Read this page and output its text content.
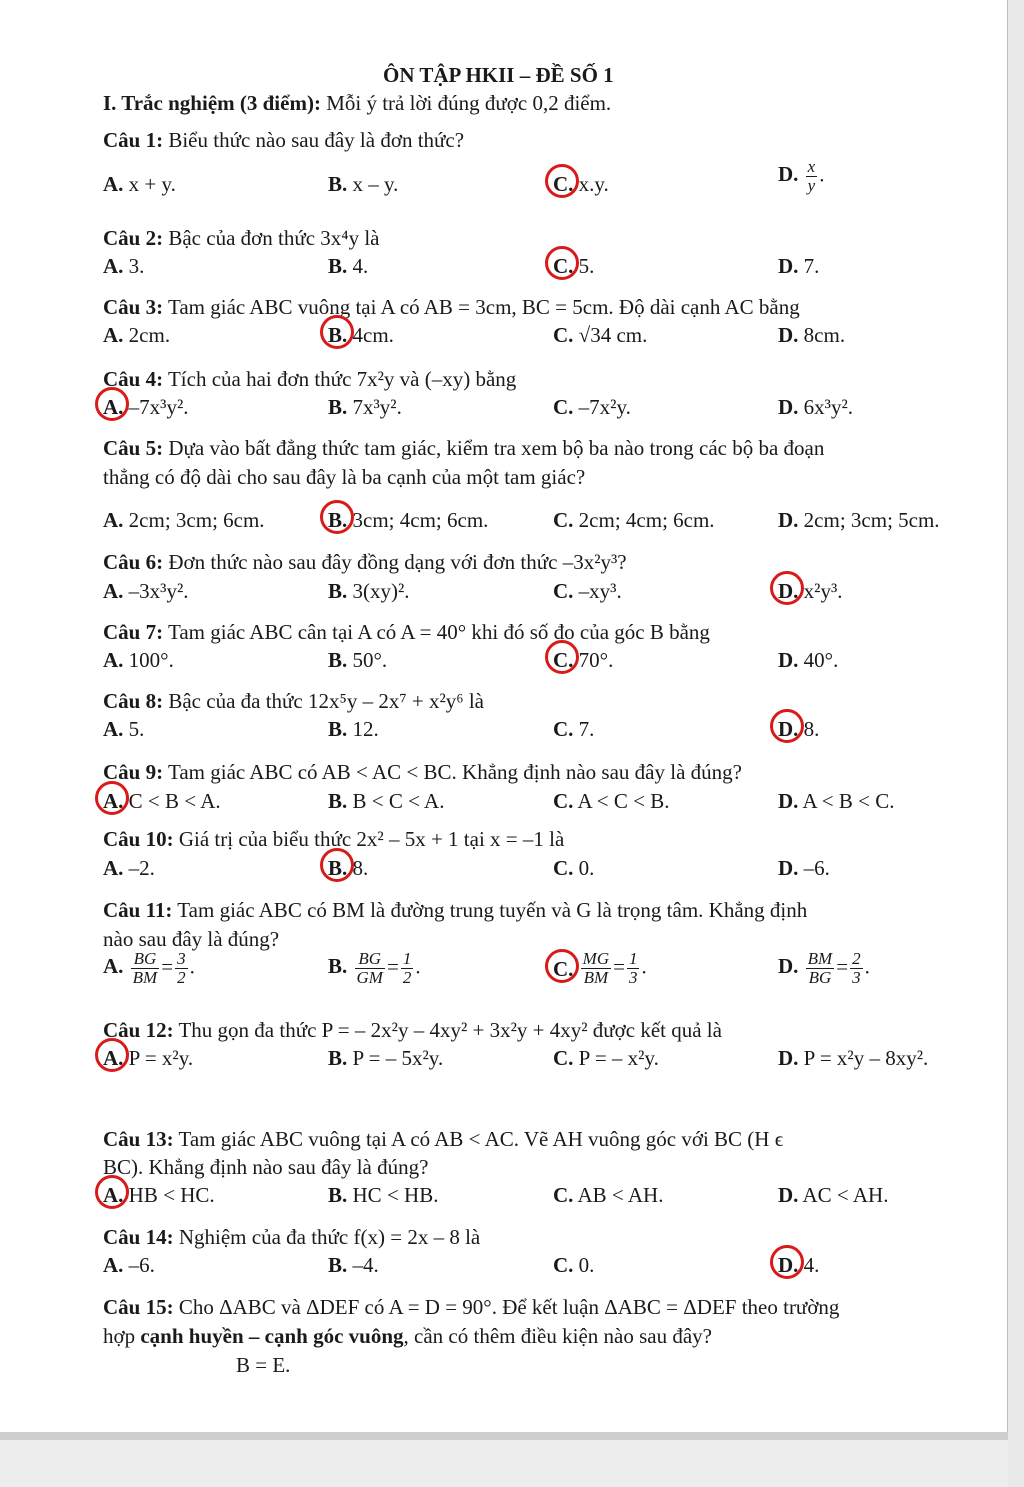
ÔN TẬP HKII – ĐỀ SỐ 1
I. Trắc nghiệm (3 điểm): Mỗi ý trả lời đúng được 0,2 điểm.
Câu 1: Biểu thức nào sau đây là đơn thức?
A. x + y.	B. x – y.	C. x.y.	D. $\frac{x}{y}$ .
Câu 2: Bậc của đơn thức 3x⁴y là
A. 3.	B. 4.	C. 5.	D. 7.
Câu 3: Tam giác ABC vuông tại A có AB = 3cm, BC = 5cm. Độ dài cạnh AC bằng
A. 2cm.	B. 4cm.	C. √34 cm.	D. 8cm.
Câu 4: Tích của hai đơn thức 7x²y và (–xy) bằng
A. –7x³y².	B. 7x³y².	C. –7x²y.	D. 6x³y².
Câu 5: Dựa vào bất đẳng thức tam giác, kiểm tra xem bộ ba nào trong các bộ ba đoạn
thẳng có độ dài cho sau đây là ba cạnh của một tam giác?
A. 2cm; 3cm; 6cm.	B. 3cm; 4cm; 6cm.	C. 2cm; 4cm; 6cm.	D. 2cm; 3cm; 5cm.
Câu 6: Đơn thức nào sau đây đồng dạng với đơn thức –3x²y³?
A. –3x³y².	B. 3(xy)².	C. –xy³.	D. x²y³.
Câu 7: Tam giác ABC cân tại A có A = 40° khi đó số đo của góc B bằng
A. 100°.	B. 50°.	C. 70°.	D. 40°.
Câu 8: Bậc của đa thức 12x⁵y – 2x⁷ + x²y⁶ là
A. 5.	B. 12.	C. 7.	D. 8.
Câu 9: Tam giác ABC có AB < AC < BC. Khẳng định nào sau đây là đúng?
A. C < B < A.	B. B < C < A.	C. A < C < B.	D. A < B < C.
Câu 10: Giá trị của biểu thức 2x² – 5x + 1 tại x = –1 là
A. –2.	B. 8.	C. 0.	D. –6.
Câu 11: Tam giác ABC có BM là đường trung tuyến và G là trọng tâm. Khẳng định
nào sau đây là đúng?
A. $\frac{BG}{BM} = \frac{3}{2}$ .	B. $\frac{BG}{GM} = \frac{1}{2}$ .	C. $\frac{MG}{BM} = \frac{1}{3}$ .	D. $\frac{BM}{BG} = \frac{2}{3}$ .
Câu 12: Thu gọn đa thức P = – 2x²y – 4xy² + 3x²y + 4xy² được kết quả là
A. P = x²y.	B. P = – 5x²y.	C. P = – x²y.	D. P = x²y – 8xy².
Câu 13: Tam giác ABC vuông tại A có AB < AC. Vẽ AH vuông góc với BC (H ϵ
BC). Khẳng định nào sau đây là đúng?
A. HB < HC.	B. HC < HB.	C. AB < AH.	D. AC < AH.
Câu 14: Nghiệm của đa thức f(x) = 2x – 8 là
A. –6.	B. –4.	C. 0.	D. 4.
Câu 15: Cho ΔABC và ΔDEF có A = D = 90°. Để kết luận ΔABC = ΔDEF theo trường
hợp cạnh huyền – cạnh góc vuông, cần có thêm điều kiện nào sau đây?
B = E.
